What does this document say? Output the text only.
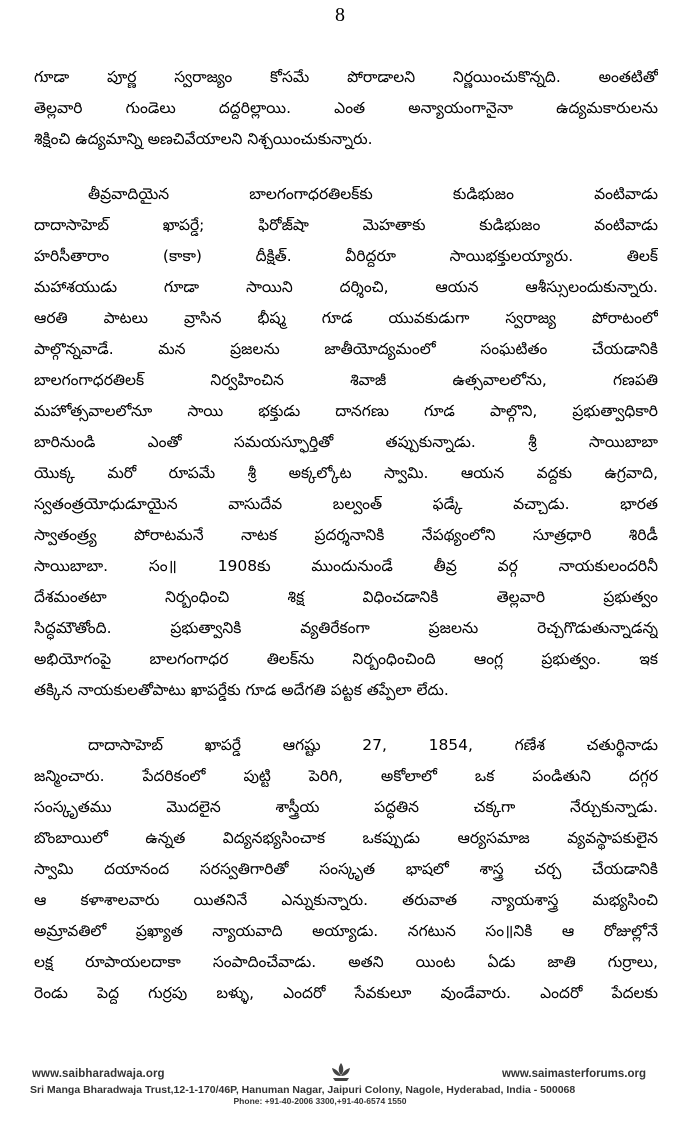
8
గూడా పూర్ణ స్వరాజ్యం కోసమే పోరాడాలని నిర్ణయించుకొన్నది. అంతటితో
తెల్లవారి గుండెలు దద్దరిల్లాయి. ఎంత అన్యాయంగానైనా ఉద్యమకారులను
శిక్షించి ఉద్యమాన్ని అణచివేయాలని నిశ్చయించుకున్నారు.
తీవ్రవాదియైన బాలగంగాధరతిలక్‌కు కుడిభుజం వంటివాడు
దాదాసాహెబ్ ఖాపర్డే; ఫిరోజ్‌షా మెహతాకు కుడిభుజం వంటివాడు
హరిసీతారాం (కాకా) దీక్షిత్. వీరిద్దరూ సాయిభక్తులయ్యారు. తిలక్
మహాశయుడు గూడా సాయిని దర్శించి, ఆయన ఆశీస్సులందుకున్నారు.
ఆరతి పాటలు వ్రాసిన భీష్మ గూడ యువకుడుగా స్వరాజ్య పోరాటంలో
పాల్గొన్నవాడే. మన ప్రజలను జాతీయోద్యమంలో సంఘటితం చేయడానికి
బాలగంగాధరతిలక్ నిర్వహించిన శివాజీ ఉత్సవాలలోను, గణపతి
మహోత్సవాలలోనూ సాయి భక్తుడు దానగణు గూడ పాల్గొని, ప్రభుత్వాధికారి
బారినుండి ఎంతో సమయస్ఫూర్తితో తప్పుకున్నాడు. శ్రీ సాయిబాబా
యొక్క మరో రూపమే శ్రీ అక్కల్కోట స్వామి. ఆయన వద్దకు ఉగ్రవాది,
స్వతంత్రయోధుడూయైన వాసుదేవ బల్వంత్ ఫడ్కే వచ్చాడు. భారత
స్వాతంత్ర్య పోరాటమనే నాటక ప్రదర్శనానికి నేపథ్యంలోని సూత్రధారి శిరిడీ
సాయిబాబా. సం॥ 1908కు ముందునుండే తీవ్ర వర్గ నాయకులందరినీ
దేశమంతటా నిర్బంధించి శిక్ష విధించడానికి తెల్లవారి ప్రభుత్వం
సిద్ధమౌతోంది. ప్రభుత్వానికి వ్యతిరేకంగా ప్రజలను రెచ్చగొడుతున్నాడన్న
అభియోగంపై బాలగంగాధర తిలక్‌ను నిర్బంధించింది ఆంగ్ల ప్రభుత్వం. ఇక
తక్కిన నాయకులతోపాటు ఖాపర్డేకు గూడ అదేగతి పట్టక తప్పేలా లేదు.
దాదాసాహెబ్ ఖాపర్డే ఆగష్టు 27, 1854, గణేశ చతుర్థినాడు
జన్మించారు. పేదరికంలో పుట్టి పెరిగి, అకోలాలో ఒక పండితుని దగ్గర
సంస్కృతము మొదలైన శాస్త్రీయ పద్ధతిన చక్కగా నేర్చుకున్నాడు.
బొంబాయిలో ఉన్నత విద్యనభ్యసించాక ఒకప్పుడు ఆర్యసమాజ వ్యవస్థాపకులైన
స్వామి దయానంద సరస్వతిగారితో సంస్కృత భాషలో శాస్త్ర చర్చ చేయడానికి
ఆ కళాశాలవారు యితనినే ఎన్నుకున్నారు. తరువాత న్యాయశాస్త్ర మభ్యసించి
అమ్రావతిలో ప్రఖ్యాత న్యాయవాది అయ్యాడు. నగటున సం॥నికి ఆ రోజుల్లోనే
లక్ష రూపాయలదాకా సంపాదించేవాడు. అతని యింట ఏడు జాతి గుర్రాలు,
రెండు పెద్ద గుర్రపు బళ్ళు, ఎందరో సేవకులూ వుండేవారు. ఎందరో పేదలకు
www.saibharadwaja.org	www.saimasterforums.org
Sri Manga Bharadwaja Trust,12-1-170/46P, Hanuman Nagar, Jaipuri Colony, Nagole, Hyderabad, India - 500068
Phone: +91-40-2006 3300,+91-40-6574 1550
